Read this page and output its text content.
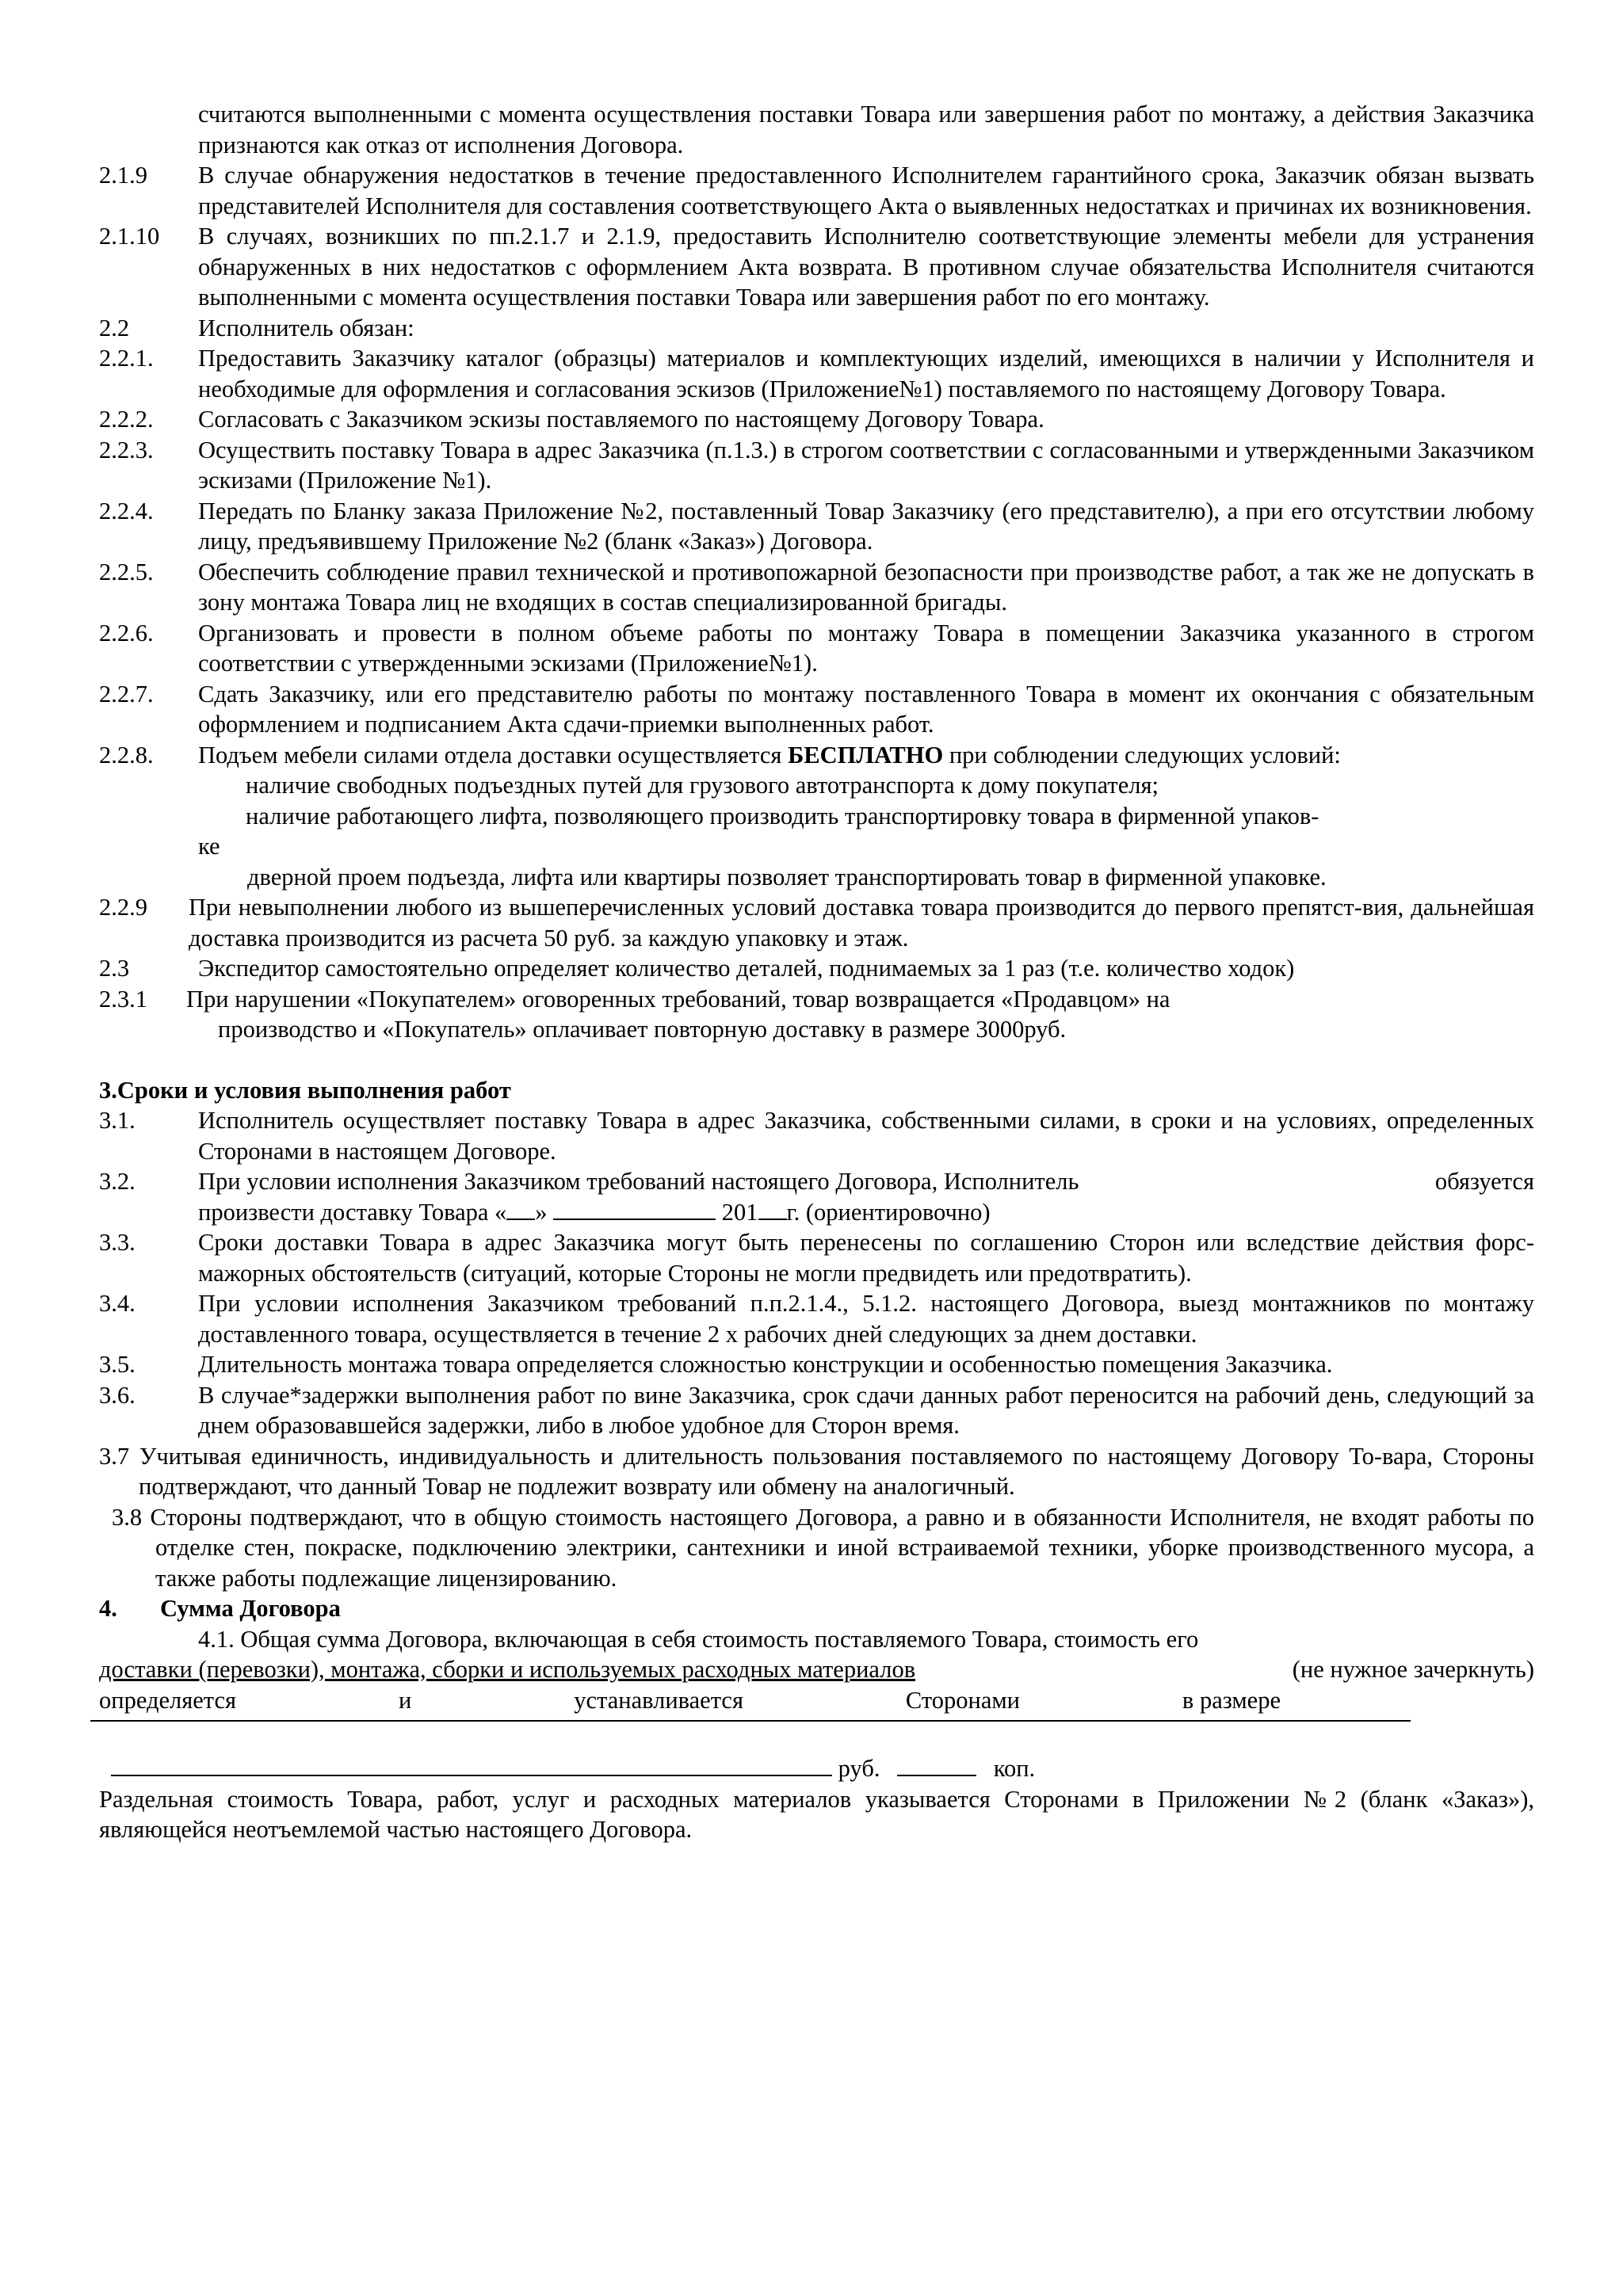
считаются выполненными с момента осуществления поставки Товара или завершения работ по монтажу, а действия Заказчика признаются как отказ от исполнения Договора.
2.1.9 В случае обнаружения недостатков в течение предоставленного Исполнителем гарантийного срока, Заказчик обязан вызвать представителей Исполнителя для составления соответствующего Акта о выявленных недостатках и причинах их возникновения.
2.1.10 В случаях, возникших по пп.2.1.7 и 2.1.9, предоставить Исполнителю соответствующие элементы мебели для устранения обнаруженных в них недостатков с оформлением Акта возврата. В противном случае обязательства Исполнителя считаются выполненными с момента осуществления поставки Товара или завершения работ по его монтажу.
2.2	Исполнитель обязан:
2.2.1. Предоставить Заказчику каталог (образцы) материалов и комплектующих изделий, имеющихся в наличии у Исполнителя и необходимые для оформления и согласования эскизов (Приложение№1) поставляемого по настоящему Договору Товара.
2.2.2. Согласовать с Заказчиком эскизы поставляемого по настоящему Договору Товара.
2.2.3. Осуществить поставку Товара в адрес Заказчика (п.1.3.) в строгом соответствии с согласованными и утвержденными Заказчиком эскизами (Приложение №1).
2.2.4. Передать по Бланку заказа Приложение №2, поставленный Товар Заказчику (его представителю), а при его отсутствии любому лицу, предъявившему Приложение №2 (бланк «Заказ») Договора.
2.2.5. Обеспечить соблюдение правил технической и противопожарной безопасности при производстве работ, а так же не допускать в зону монтажа Товара лиц не входящих в состав специализированной бригады.
2.2.6. Организовать и провести в полном объеме работы по монтажу Товара в помещении Заказчика указанного в строгом соответствии с утвержденными эскизами (Приложение№1).
2.2.7. Сдать Заказчику, или его представителю работы по монтажу поставленного Товара в момент их окончания с обязательным оформлением и подписанием Акта сдачи-приемки выполненных работ.
2.2.8. Подъем мебели силами отдела доставки осуществляется БЕСПЛАТНО при соблюдении следующих условий:
наличие свободных подъездных путей для грузового автотранспорта к дому покупателя;
наличие работающего лифта, позволяющего производить транспортировку товара в фирменной упаков-
ке
дверной проем подъезда, лифта или квартиры позволяет транспортировать товар в фирменной упаковке.
2.2.9 При невыполнении любого из вышеперечисленных условий доставка товара производится до первого препятст-вия, дальнейшая доставка производится из расчета 50 руб. за каждую упаковку и этаж.
2.3	Экспедитор самостоятельно определяет количество деталей, поднимаемых за 1 раз (т.е. количество ходок)
2.3.1 При нарушении «Покупателем» оговоренных требований, товар возвращается «Продавцом» на
производство и «Покупатель» оплачивает повторную доставку в размере 3000руб.
3.Сроки и условия выполнения работ
3.1.	Исполнитель осуществляет поставку Товара в адрес Заказчика, собственными силами, в сроки и на условиях, определенных Сторонами в настоящем Договоре.
3.2.	При условии исполнения Заказчиком требований настоящего Договора, Исполнитель	обязуется
произвести доставку Товара « »	201 г. (ориентировочно)
3.3.	Сроки доставки Товара в адрес Заказчика могут быть перенесены по соглашению Сторон или вследствие действия форс-мажорных обстоятельств (ситуаций, которые Стороны не могли предвидеть или предотвратить).
3.4.	При условии исполнения Заказчиком требований п.п.2.1.4., 5.1.2. настоящего Договора, выезд монтажников по монтажу доставленного товара, осуществляется в течение 2 х рабочих дней следующих за днем доставки.
3.5.	Длительность монтажа товара определяется сложностью конструкции и особенностью помещения Заказчика.
3.6.	В случае*задержки выполнения работ по вине Заказчика, срок сдачи данных работ переносится на рабочий день, следующий за днем образовавшейся задержки, либо в любое удобное для Сторон время.
3.7 Учитывая единичность, индивидуальность и длительность пользования поставляемого по настоящему Договору То-вара, Стороны подтверждают, что данный Товар не подлежит возврату или обмену на аналогичный.
3.8 Стороны подтверждают, что в общую стоимость настоящего Договора, а равно и в обязанности Исполнителя, не входят работы по отделке стен, покраске, подключению электрики, сантехники и иной встраиваемой техники, уборке производственного мусора, а также работы подлежащие лицензированию.
4. Сумма Договора
4.1. Общая сумма Договора, включающая в себя стоимость поставляемого Товара, стоимость его
доставки (перевозки), монтажа, сборки и используемых расходных материалов	(не нужное зачеркнуть)
определяется	и	устанавливается	Сторонами	в размере
руб.	коп.
Раздельная стоимость Товара, работ, услуг и расходных материалов указывается Сторонами в Приложении №2 (бланк «Заказ»), являющейся неотъемлемой частью настоящего Договора.
